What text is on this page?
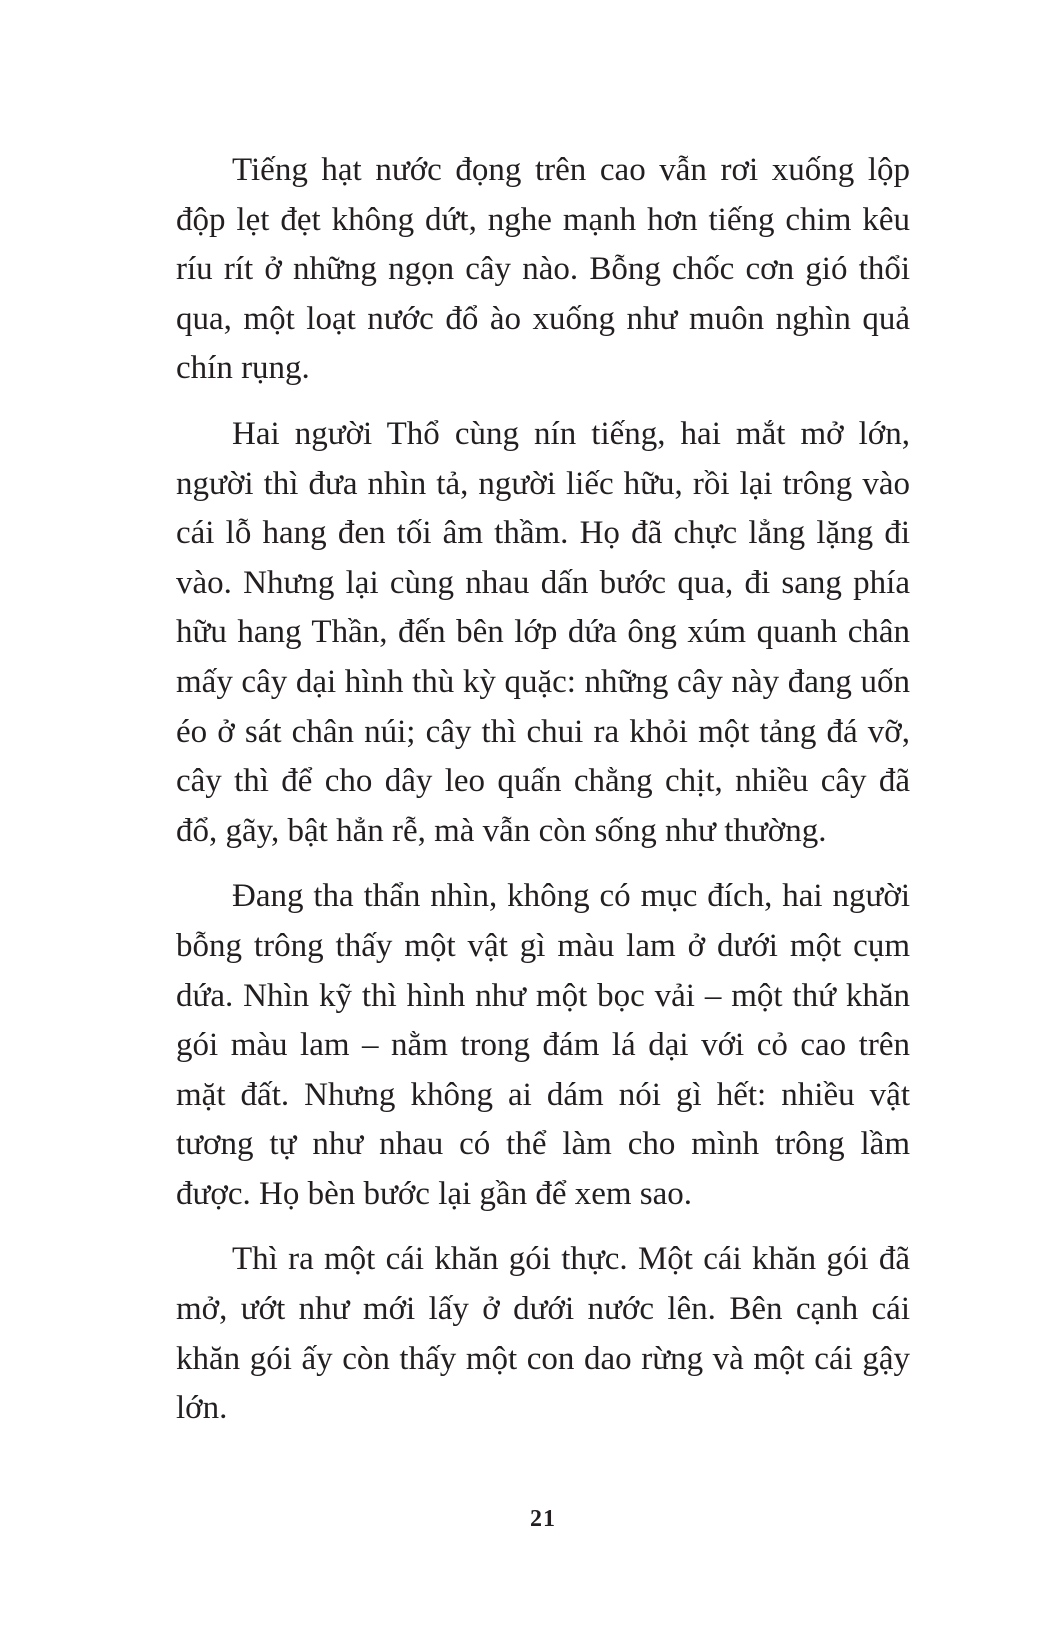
Tiếng hạt nước đọng trên cao vẫn rơi xuống lộp độp lẹt đẹt không dứt, nghe mạnh hơn tiếng chim kêu ríu rít ở những ngọn cây nào. Bỗng chốc cơn gió thổi qua, một loạt nước đổ ào xuống như muôn nghìn quả chín rụng.

Hai người Thổ cùng nín tiếng, hai mắt mở lớn, người thì đưa nhìn tả, người liếc hữu, rồi lại trông vào cái lỗ hang đen tối âm thầm. Họ đã chực lẳng lặng đi vào. Nhưng lại cùng nhau dấn bước qua, đi sang phía hữu hang Thần, đến bên lớp dứa ông xúm quanh chân mấy cây dại hình thù kỳ quặc: những cây này đang uốn éo ở sát chân núi; cây thì chui ra khỏi một tảng đá vỡ, cây thì để cho dây leo quấn chằng chịt, nhiều cây đã đổ, gãy, bật hẳn rễ, mà vẫn còn sống như thường.

Đang tha thẩn nhìn, không có mục đích, hai người bỗng trông thấy một vật gì màu lam ở dưới một cụm dứa. Nhìn kỹ thì hình như một bọc vải – một thứ khăn gói màu lam – nằm trong đám lá dại với cỏ cao trên mặt đất. Nhưng không ai dám nói gì hết: nhiều vật tương tự như nhau có thể làm cho mình trông lầm được. Họ bèn bước lại gần để xem sao.

Thì ra một cái khăn gói thực. Một cái khăn gói đã mở, ướt như mới lấy ở dưới nước lên. Bên cạnh cái khăn gói ấy còn thấy một con dao rừng và một cái gậy lớn.

21
